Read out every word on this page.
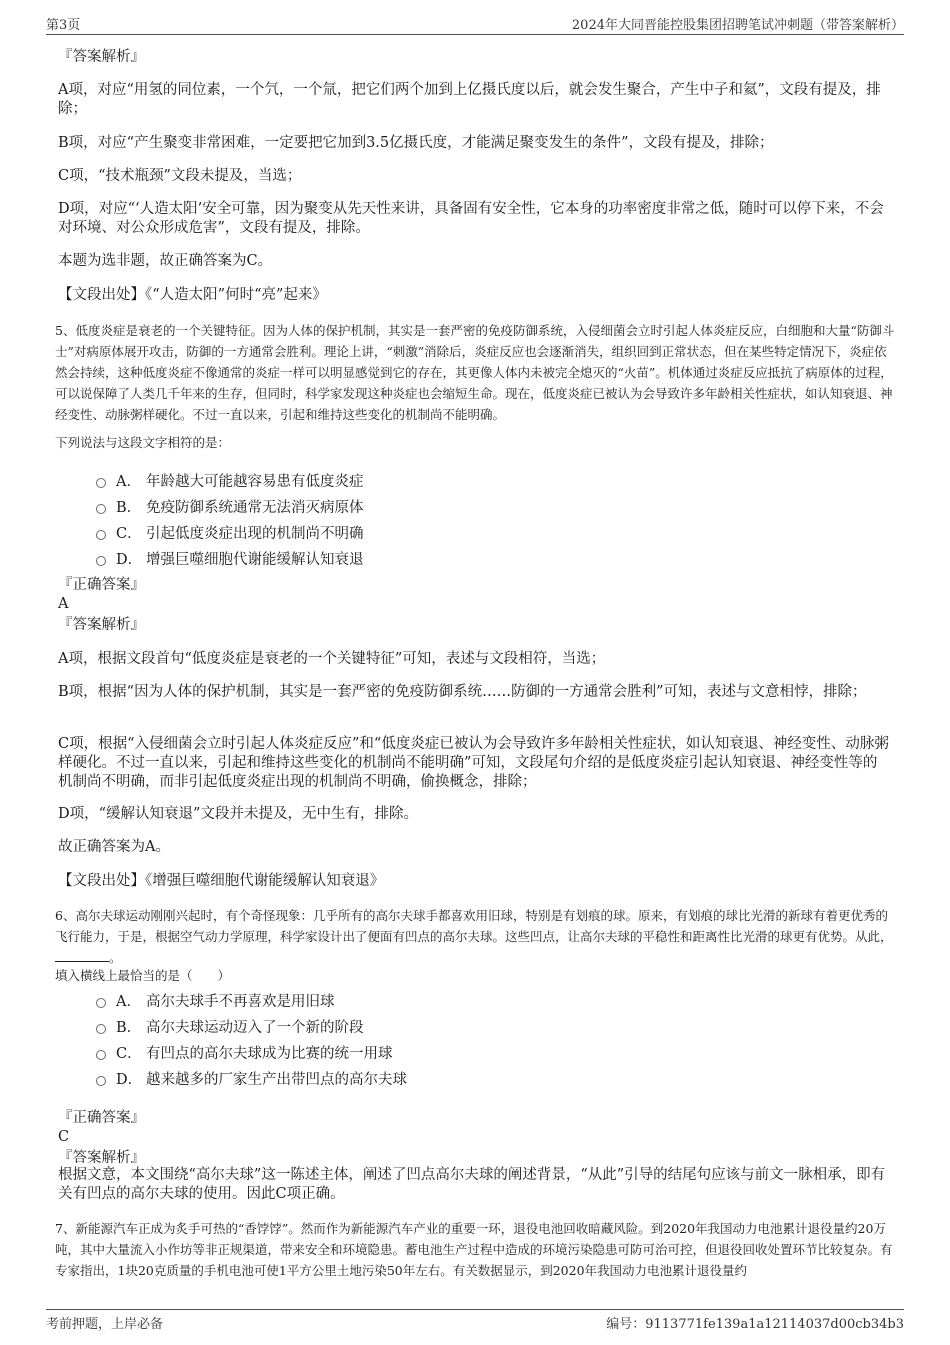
第3页	2024年大同晋能控股集团招聘笔试冲刺题（带答案解析）
『答案解析』
A项，对应“用氢的同位素，一个氕，一个氚，把它们两个加到上亿摄氏度以后，就会发生聚合，产生中子和氦”，文段有提及，排除；
B项，对应“产生聚变非常困难，一定要把它加到3.5亿摄氏度，才能满足聚变发生的条件”，文段有提及，排除；
C项，“技术瓶颈”文段未提及，当选；
D项，对应“‘人造太阳’安全可靠，因为聚变从先天性来讲，具备固有安全性，它本身的功率密度非常之低，随时可以停下来，不会对环境、对公众形成危害”，文段有提及，排除。
本题为选非题，故正确答案为C。
【文段出处】《“人造太阳”何时“亮”起来》
5、低度炎症是衰老的一个关键特征。因为人体的保护机制，其实是一套严密的免疫防御系统，入侵细菌会立时引起人体炎症反应，白细胞和大量“防御斗士”对病原体展开攻击，防御的一方通常会胜利。理论上讲，“刺激”消除后，炎症反应也会逐渐消失，组织回到正常状态，但在某些特定情况下，炎症依然会持续，这种低度炎症不像通常的炎症一样可以明显感觉到它的存在，其更像人体内未被完全熄灭的“火苗”。机体通过炎症反应抵抗了病原体的过程，可以说保障了人类几千年来的生存，但同时，科学家发现这种炎症也会缩短生命。现在，低度炎症已被认为会导致许多年龄相关性症状，如认知衰退、神经变性、动脉粥样硬化。不过一直以来，引起和维持这些变化的机制尚不能明确。
下列说法与这段文字相符的是：
A． 年龄越大可能越容易患有低度炎症
B． 免疫防御系统通常无法消灭病原体
C． 引起低度炎症出现的机制尚不明确
D． 增强巨噬细胞代谢能缓解认知衰退
『正确答案』
A
『答案解析』
A项，根据文段首句“低度炎症是衰老的一个关键特征”可知，表述与文段相符，当选；
B项，根据“因为人体的保护机制，其实是一套严密的免疫防御系统……防御的一方通常会胜利”可知，表述与文意相悖，排除；
C项，根据“入侵细菌会立时引起人体炎症反应”和“低度炎症已被认为会导致许多年龄相关性症状，如认知衰退、神经变性、动脉粥样硬化。不过一直以来，引起和维持这些变化的机制尚不能明确”可知，文段尾句介绍的是低度炎症引起认知衰退、神经变性等的机制尚不明确，而非引起低度炎症出现的机制尚不明确，偷换概念，排除；
D项，“缓解认知衰退”文段并未提及，无中生有，排除。
故正确答案为A。
【文段出处】《增强巨噬细胞代谢能缓解认知衰退》
6、高尔夫球运动刚刚兴起时，有个奇怪现象：几乎所有的高尔夫球手都喜欢用旧球，特别是有划痕的球。原来，有划痕的球比光滑的新球有着更优秀的飞行能力，于是，根据空气动力学原理，科学家设计出了便面有凹点的高尔夫球。这些凹点，让高尔夫球的平稳性和距离性比光滑的球更有优势。从此，。
填入横线上最恰当的是（　　）
A． 高尔夫球手不再喜欢是用旧球
B． 高尔夫球运动迈入了一个新的阶段
C． 有凹点的高尔夫球成为比赛的统一用球
D． 越来越多的厂家生产出带凹点的高尔夫球
『正确答案』
C
『答案解析』
根据文意，本文围绕“高尔夫球”这一陈述主体，阐述了凹点高尔夫球的阐述背景，“从此”引导的结尾句应该与前文一脉相承，即有关有凹点的高尔夫球的使用。因此C项正确。
7、新能源汽车正成为炙手可热的“香饽饽”。然而作为新能源汽车产业的重要一环，退役电池回收暗藏风险。到2020年我国动力电池累计退役量约20万吨，其中大量流入小作坊等非正规渠道，带来安全和环境隐患。蓄电池生产过程中造成的环境污染隐患可防可治可控，但退役回收处置环节比较复杂。有专家指出，1块20克质量的手机电池可使1平方公里土地污染50年左右。有关数据显示，到2020年我国动力电池累计退役量约
考前押题，上岸必备	编号：9113771fe139a1a12114037d00cb34b3
